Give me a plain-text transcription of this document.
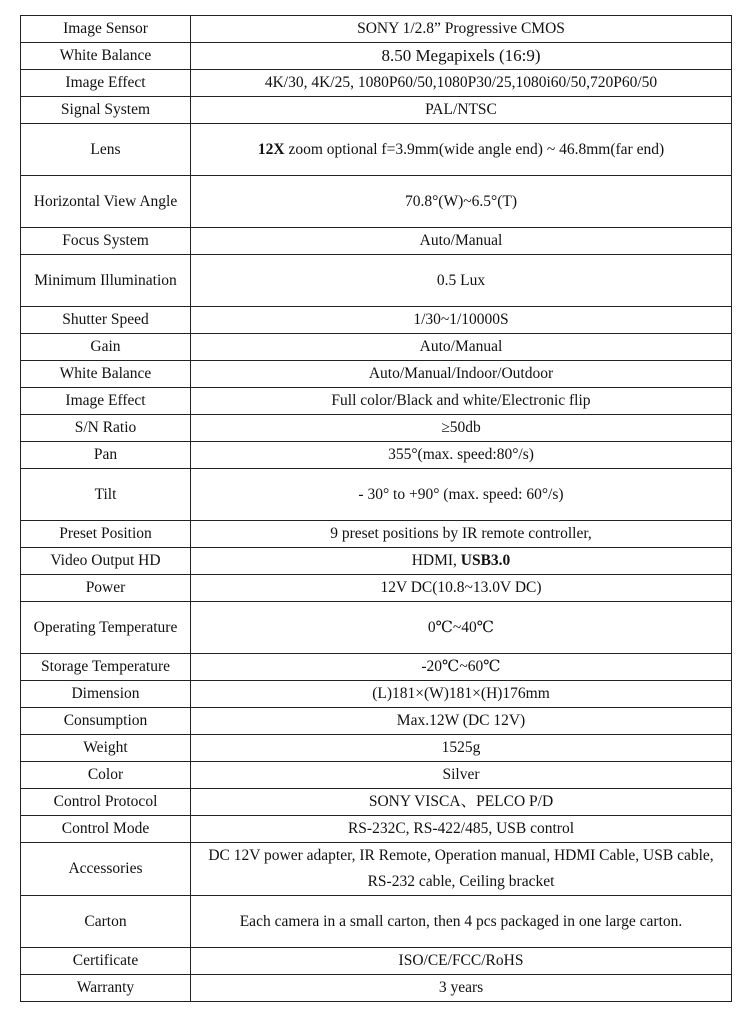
Image Sensor	SONY 1/2.8” Progressive CMOS
White Balance	8.50 Megapixels (16:9)
Image Effect	4K/30, 4K/25, 1080P60/50,1080P30/25,1080i60/50,720P60/50
Signal System	PAL/NTSC
Lens	12X zoom optional f=3.9mm(wide angle end) ~ 46.8mm(far end)
Horizontal View Angle	70.8°(W)~6.5°(T)
Focus System	Auto/Manual
Minimum Illumination	0.5 Lux
Shutter Speed	1/30~1/10000S
Gain	Auto/Manual
White Balance	Auto/Manual/Indoor/Outdoor
Image Effect	Full color/Black and white/Electronic flip
S/N Ratio	≥50db
Pan	355°(max. speed:80°/s)
Tilt	- 30° to +90° (max. speed: 60°/s)
Preset Position	9 preset positions by IR remote controller,
Video Output HD	HDMI, USB3.0
Power	12V DC(10.8~13.0V DC)
Operating Temperature	0℃~40℃
Storage Temperature	-20℃~60℃
Dimension	(L)181×(W)181×(H)176mm
Consumption	Max.12W (DC 12V)
Weight	1525g
Color	Silver
Control Protocol	SONY VISCA、PELCO P/D
Control Mode	RS-232C, RS-422/485, USB control
Accessories	DC 12V power adapter, IR Remote, Operation manual, HDMI Cable, USB cable, RS-232 cable, Ceiling bracket
Carton	Each camera in a small carton, then 4 pcs packaged in one large carton.
Certificate	ISO/CE/FCC/RoHS
Warranty	3 years
